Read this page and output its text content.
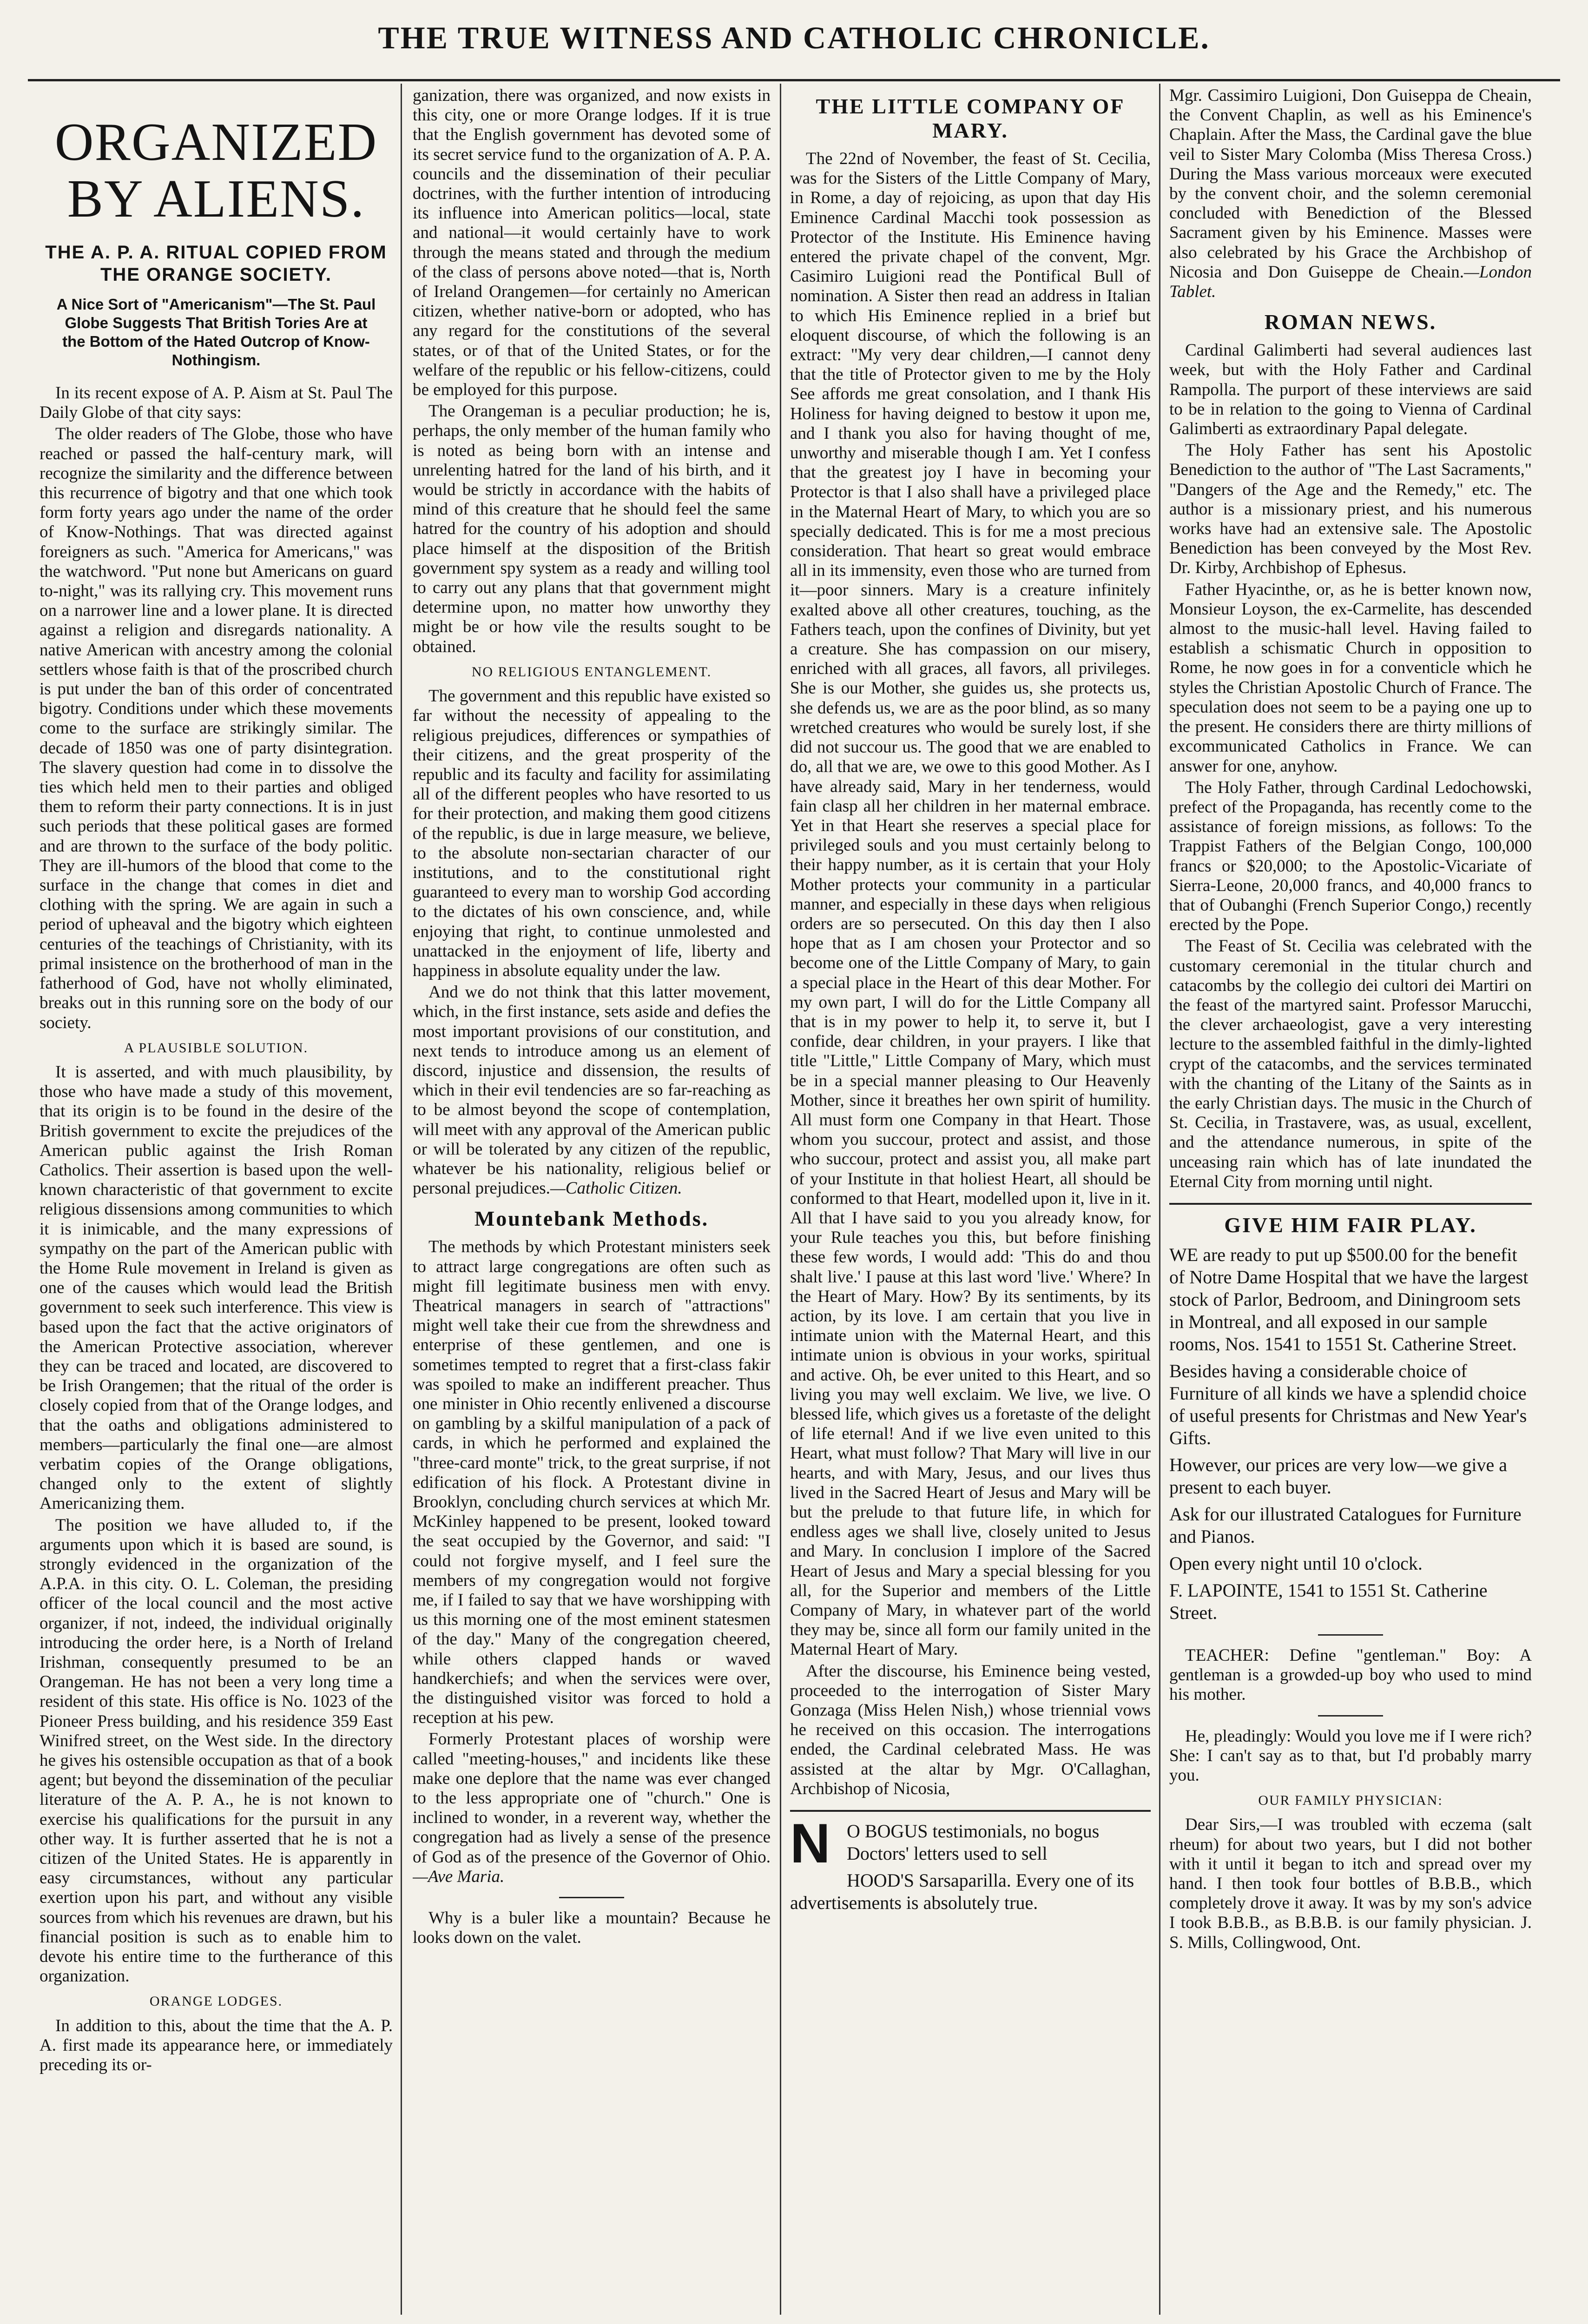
THE TRUE WITNESS AND CATHOLIC CHRONICLE.
ORGANIZED BY ALIENS.
THE A. P. A. RITUAL COPIED FROM THE ORANGE SOCIETY.
A Nice Sort of "Americanism"—The St. Paul Globe Suggests That British Tories Are at the Bottom of the Hated Outcrop of Know-Nothingism.

In its recent expose of A. P. Aism at St. Paul The Daily Globe of that city says:

The older readers of The Globe, those who have reached or passed the half-century mark, will recognize the similarity and the difference between this recurrence of bigotry and that one which took form forty years ago under the name of the order of Know-Nothings. That was directed against foreigners as such. "America for Americans," was the watchword. "Put none but Americans on guard to-night," was its rallying cry. This movement runs on a narrower line and a lower plane. It is directed against a religion and disregards nationality. A native American with ancestry among the colonial settlers whose faith is that of the proscribed church is put under the ban of this order of concentrated bigotry. Conditions under which these movements come to the surface are strikingly similar. The decade of 1850 was one of party disintegration. The slavery question had come in to dissolve the ties which held men to their parties and obliged them to reform their party connections. It is in just such periods that these political gases are formed and are thrown to the surface of the body politic. They are ill-humors of the blood that come to the surface in the change that comes in diet and clothing with the spring. We are again in such a period of upheaval and the bigotry which eighteen centuries of the teachings of Christianity, with its primal insistence on the brotherhood of man in the fatherhood of God, have not wholly eliminated, breaks out in this running sore on the body of our society.

A PLAUSIBLE SOLUTION.

It is asserted, and with much plausibility, by those who have made a study of this movement, that its origin is to be found in the desire of the British government to excite the prejudices of the American public against the Irish Roman Catholics. Their assertion is based upon the well-known characteristic of that government to excite religious dissensions among communities to which it is inimicable, and the many expressions of sympathy on the part of the American public with the Home Rule movement in Ireland is given as one of the causes which would lead the British government to seek such interference. This view is based upon the fact that the active originators of the American Protective association, wherever they can be traced and located, are discovered to be Irish Orangemen; that the ritual of the order is closely copied from that of the Orange lodges, and that the oaths and obligations administered to members—particularly the final one—are almost verbatim copies of the Orange obligations, changed only to the extent of slightly Americanizing them.

The position we have alluded to, if the arguments upon which it is based are sound, is strongly evidenced in the organization of the A.P.A. in this city. O. L. Coleman, the presiding officer of the local council and the most active organizer, if not, indeed, the individual originally introducing the order here, is a North of Ireland Irishman, consequently presumed to be an Orangeman. He has not been a very long time a resident of this state. His office is No. 1023 of the Pioneer Press building, and his residence 359 East Winifred street, on the West side. In the directory he gives his ostensible occupation as that of a book agent; but beyond the dissemination of the peculiar literature of the A. P. A., he is not known to exercise his qualifications for the pursuit in any other way. It is further asserted that he is not a citizen of the United States. He is apparently in easy circumstances, without any particular exertion upon his part, and without any visible sources from which his revenues are drawn, but his financial position is such as to enable him to devote his entire time to the furtherance of this organization.

ORANGE LODGES.

In addition to this, about the time that the A. P. A. first made its appearance here, or immediately preceding its or-

ganization, there was organized, and now exists in this city, one or more Orange lodges. If it is true that the English government has devoted some of its secret service fund to the organization of A. P. A. councils and the dissemination of their peculiar doctrines, with the further intention of introducing its influence into American politics—local, state and national—it would certainly have to work through the means stated and through the medium of the class of persons above noted—that is, North of Ireland Orangemen—for certainly no American citizen, whether native-born or adopted, who has any regard for the constitutions of the several states, or of that of the United States, or for the welfare of the republic or his fellow-citizens, could be employed for this purpose.

The Orangeman is a peculiar production; he is, perhaps, the only member of the human family who is noted as being born with an intense and unrelenting hatred for the land of his birth, and it would be strictly in accordance with the habits of mind of this creature that he should feel the same hatred for the country of his adoption and should place himself at the disposition of the British government spy system as a ready and willing tool to carry out any plans that that government might determine upon, no matter how unworthy they might be or how vile the results sought to be obtained.

NO RELIGIOUS ENTANGLEMENT.

The government and this republic have existed so far without the necessity of appealing to the religious prejudices, differences or sympathies of their citizens, and the great prosperity of the republic and its faculty and facility for assimilating all of the different peoples who have resorted to us for their protection, and making them good citizens of the republic, is due in large measure, we believe, to the absolute non-sectarian character of our institutions, and to the constitutional right guaranteed to every man to worship God according to the dictates of his own conscience, and, while enjoying that right, to continue unmolested and unattacked in the enjoyment of life, liberty and happiness in absolute equality under the law.

And we do not think that this latter movement, which, in the first instance, sets aside and defies the most important provisions of our constitution, and next tends to introduce among us an element of discord, injustice and dissension, the results of which in their evil tendencies are so far-reaching as to be almost beyond the scope of contemplation, will meet with any approval of the American public or will be tolerated by any citizen of the republic, whatever be his nationality, religious belief or personal prejudices.—Catholic Citizen.

Mountebank Methods.

The methods by which Protestant ministers seek to attract large congregations are often such as might fill legitimate business men with envy. Theatrical managers in search of "attractions" might well take their cue from the shrewdness and enterprise of these gentlemen, and one is sometimes tempted to regret that a first-class fakir was spoiled to make an indifferent preacher. Thus one minister in Ohio recently enlivened a discourse on gambling by a skilful manipulation of a pack of cards, in which he performed and explained the "three-card monte" trick, to the great surprise, if not edification of his flock. A Protestant divine in Brooklyn, concluding church services at which Mr. McKinley happened to be present, looked toward the seat occupied by the Governor, and said: "I could not forgive myself, and I feel sure the members of my congregation would not forgive me, if I failed to say that we have worshipping with us this morning one of the most eminent statesmen of the day." Many of the congregation cheered, while others clapped hands or waved handkerchiefs; and when the services were over, the distinguished visitor was forced to hold a reception at his pew.

Formerly Protestant places of worship were called "meeting-houses," and incidents like these make one deplore that the name was ever changed to the less appropriate one of "church." One is inclined to wonder, in a reverent way, whether the congregation had as lively a sense of the presence of God as of the presence of the Governor of Ohio.—Ave Maria.

Why is a buler like a mountain? Because he looks down on the valet.

THE LITTLE COMPANY OF MARY.

The 22nd of November, the feast of St. Cecilia, was for the Sisters of the Little Company of Mary, in Rome, a day of rejoicing, as upon that day His Eminence Cardinal Macchi took possession as Protector of the Institute. His Eminence having entered the private chapel of the convent, Mgr. Casimiro Luigioni read the Pontifical Bull of nomination. A Sister then read an address in Italian to which His Eminence replied in a brief but eloquent discourse, of which the following is an extract: "My very dear children,—I cannot deny that the title of Protector given to me by the Holy See affords me great consolation, and I thank His Holiness for having deigned to bestow it upon me, and I thank you also for having thought of me, unworthy and miserable though I am. Yet I confess that the greatest joy I have in becoming your Protector is that I also shall have a privileged place in the Maternal Heart of Mary, to which you are so specially dedicated. This is for me a most precious consideration. That heart so great would embrace all in its immensity, even those who are turned from it—poor sinners. Mary is a creature infinitely exalted above all other creatures, touching, as the Fathers teach, upon the confines of Divinity, but yet a creature. She has compassion on our misery, enriched with all graces, all favors, all privileges. She is our Mother, she guides us, she protects us, she defends us, we are as the poor blind, as so many wretched creatures who would be surely lost, if she did not succour us. The good that we are enabled to do, all that we are, we owe to this good Mother. As I have already said, Mary in her tenderness, would fain clasp all her children in her maternal embrace. Yet in that Heart she reserves a special place for privileged souls and you must certainly belong to their happy number, as it is certain that your Holy Mother protects your community in a particular manner, and especially in these days when religious orders are so persecuted. On this day then I also hope that as I am chosen your Protector and so become one of the Little Company of Mary, to gain a special place in the Heart of this dear Mother. For my own part, I will do for the Little Company all that is in my power to help it, to serve it, but I confide, dear children, in your prayers. I like that title "Little," Little Company of Mary, which must be in a special manner pleasing to Our Heavenly Mother, since it breathes her own spirit of humility. All must form one Company in that Heart. Those whom you succour, protect and assist, and those who succour, protect and assist you, all make part of your Institute in that holiest Heart, all should be conformed to that Heart, modelled upon it, live in it. All that I have said to you you already know, for your Rule teaches you this, but before finishing these few words, I would add: 'This do and thou shalt live.' I pause at this last word 'live.' Where? In the Heart of Mary. How? By its sentiments, by its action, by its love. I am certain that you live in intimate union with the Maternal Heart, and this intimate union is obvious in your works, spiritual and active. Oh, be ever united to this Heart, and so living you may well exclaim. We live, we live. O blessed life, which gives us a foretaste of the delight of life eternal! And if we live even united to this Heart, what must follow? That Mary will live in our hearts, and with Mary, Jesus, and our lives thus lived in the Sacred Heart of Jesus and Mary will be but the prelude to that future life, in which for endless ages we shall live, closely united to Jesus and Mary. In conclusion I implore of the Sacred Heart of Jesus and Mary a special blessing for you all, for the Superior and members of the Little Company of Mary, in whatever part of the world they may be, since all form our family united in the Maternal Heart of Mary.

After the discourse, his Eminence being vested, proceeded to the interrogation of Sister Mary Gonzaga (Miss Helen Nish,) whose triennial vows he received on this occasion. The interrogations ended, the Cardinal celebrated Mass. He was assisted at the altar by Mgr. O'Callaghan, Archbishop of Nicosia,

N O BOGUS testimonials, no bogus Doctors' letters used to sell

HOOD'S Sarsaparilla. Every one of its advertisements is absolutely true.

Mgr. Cassimiro Luigioni, Don Guiseppa de Cheain, the Convent Chaplin, as well as his Eminence's Chaplain. After the Mass, the Cardinal gave the blue veil to Sister Mary Colomba (Miss Theresa Cross.) During the Mass various morceaux were executed by the convent choir, and the solemn ceremonial concluded with Benediction of the Blessed Sacrament given by his Eminence. Masses were also celebrated by his Grace the Archbishop of Nicosia and Don Guiseppe de Cheain.—London Tablet.

ROMAN NEWS.

Cardinal Galimberti had several audiences last week, but with the Holy Father and Cardinal Rampolla. The purport of these interviews are said to be in relation to the going to Vienna of Cardinal Galimberti as extraordinary Papal delegate.

The Holy Father has sent his Apostolic Benediction to the author of "The Last Sacraments," "Dangers of the Age and the Remedy," etc. The author is a missionary priest, and his numerous works have had an extensive sale. The Apostolic Benediction has been conveyed by the Most Rev. Dr. Kirby, Archbishop of Ephesus.

Father Hyacinthe, or, as he is better known now, Monsieur Loyson, the ex-Carmelite, has descended almost to the music-hall level. Having failed to establish a schismatic Church in opposition to Rome, he now goes in for a conventicle which he styles the Christian Apostolic Church of France. The speculation does not seem to be a paying one up to the present. He considers there are thirty millions of excommunicated Catholics in France. We can answer for one, anyhow.

The Holy Father, through Cardinal Ledochowski, prefect of the Propaganda, has recently come to the assistance of foreign missions, as follows: To the Trappist Fathers of the Belgian Congo, 100,000 francs or $20,000; to the Apostolic-Vicariate of Sierra-Leone, 20,000 francs, and 40,000 francs to that of Oubanghi (French Superior Congo,) recently erected by the Pope.

The Feast of St. Cecilia was celebrated with the customary ceremonial in the titular church and catacombs by the collegio dei cultori dei Martiri on the feast of the martyred saint. Professor Marucchi, the clever archaeologist, gave a very interesting lecture to the assembled faithful in the dimly-lighted crypt of the catacombs, and the services terminated with the chanting of the Litany of the Saints as in the early Christian days. The music in the Church of St. Cecilia, in Trastavere, was, as usual, excellent, and the attendance numerous, in spite of the unceasing rain which has of late inundated the Eternal City from morning until night.

GIVE HIM FAIR PLAY.

WE are ready to put up $500.00 for the benefit of Notre Dame Hospital that we have the largest stock of Parlor, Bedroom, and Diningroom sets in Montreal, and all exposed in our sample rooms, Nos. 1541 to 1551 St. Catherine Street.

Besides having a considerable choice of Furniture of all kinds we have a splendid choice of useful presents for Christmas and New Year's Gifts.

However, our prices are very low—we give a present to each buyer.

Ask for our illustrated Catalogues for Furniture and Pianos.

Open every night until 10 o'clock.

F. LAPOINTE, 1541 to 1551 St. Catherine Street.

TEACHER: Define "gentleman." Boy: A gentleman is a growded-up boy who used to mind his mother.

He, pleadingly: Would you love me if I were rich? She: I can't say as to that, but I'd probably marry you.

OUR FAMILY PHYSICIAN:

Dear Sirs,—I was troubled with eczema (salt rheum) for about two years, but I did not bother with it until it began to itch and spread over my hand. I then took four bottles of B.B.B., which completely drove it away. It was by my son's advice I took B.B.B., as B.B.B. is our family physician. J. S. Mills, Collingwood, Ont.
